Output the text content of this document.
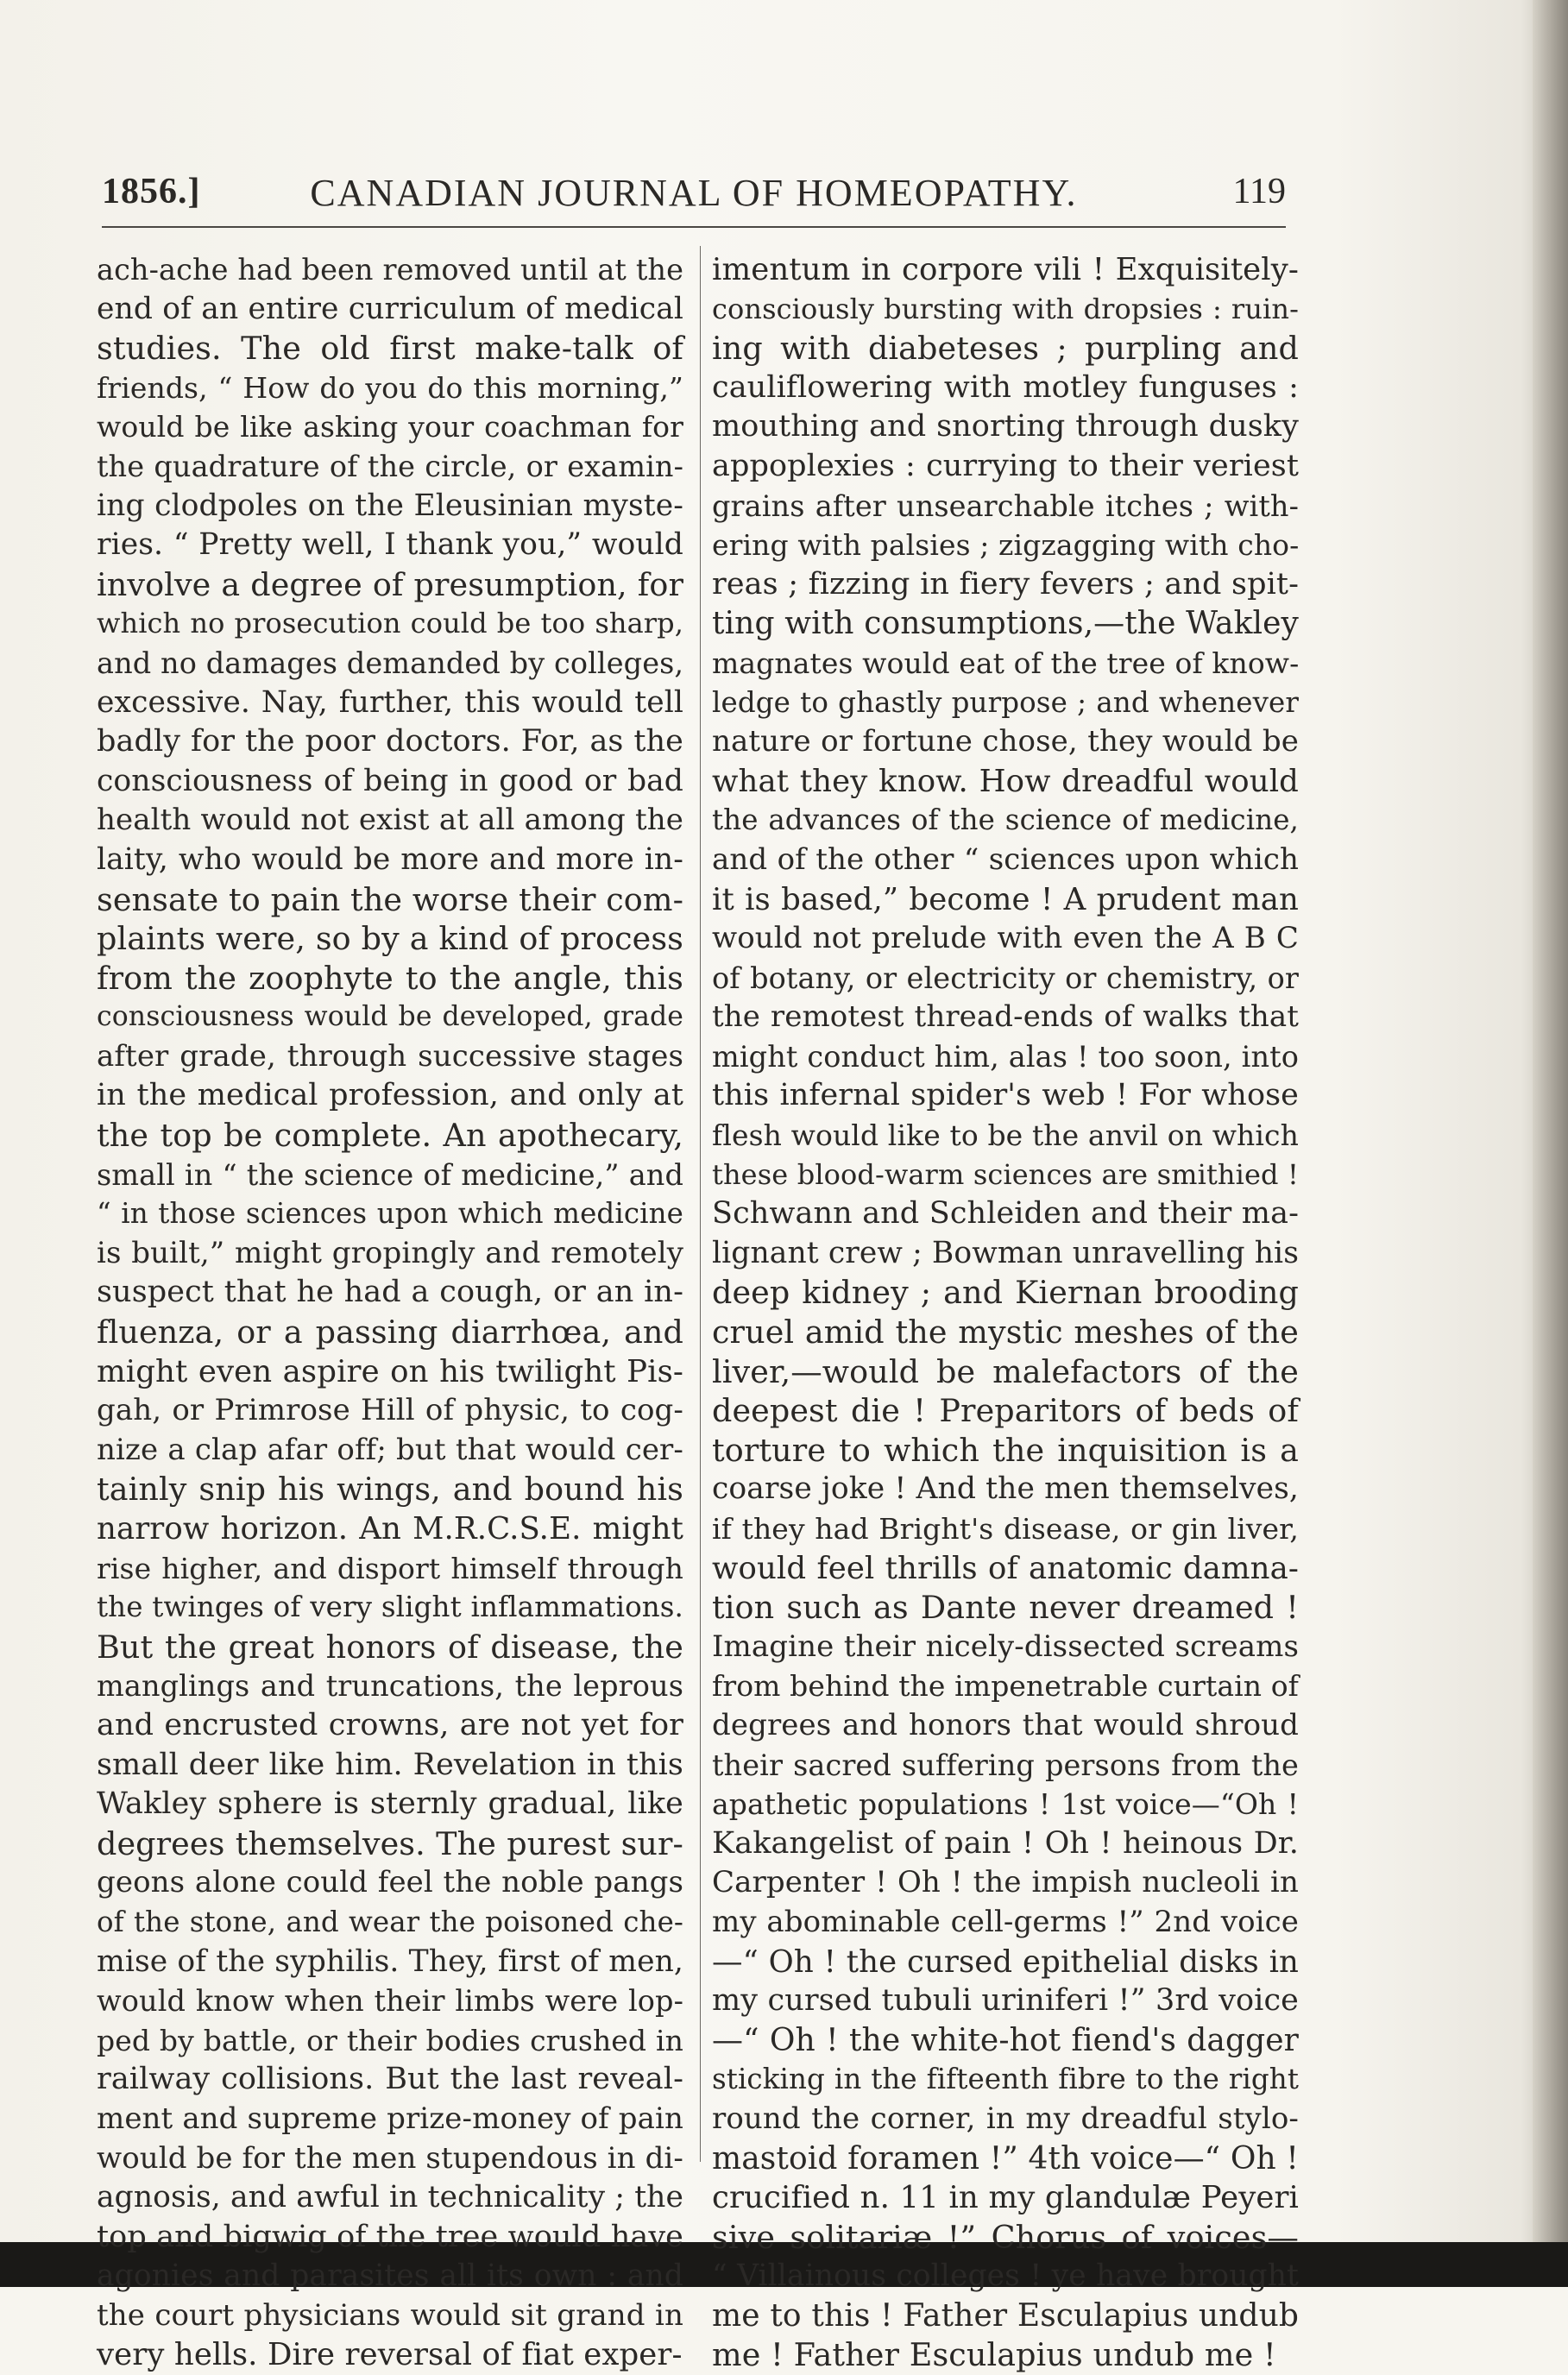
1856.]	CANADIAN JOURNAL OF HOMEOPATHY.	119
ach-ache had been removed until at the
end of an entire curriculum of medical
studies. The old first make-talk of
friends, “ How do you do this morning,”
would be like asking your coachman for
the quadrature of the circle, or examin-
ing clodpoles on the Eleusinian myste-
ries. “ Pretty well, I thank you,” would
involve a degree of presumption, for
which no prosecution could be too sharp,
and no damages demanded by colleges,
excessive. Nay, further, this would tell
badly for the poor doctors. For, as the
consciousness of being in good or bad
health would not exist at all among the
laity, who would be more and more in-
sensate to pain the worse their com-
plaints were, so by a kind of process
from the zoophyte to the angle, this
consciousness would be developed, grade
after grade, through successive stages
in the medical profession, and only at
the top be complete. An apothecary,
small in “ the science of medicine,” and
“ in those sciences upon which medicine
is built,” might gropingly and remotely
suspect that he had a cough, or an in-
fluenza, or a passing diarrhœa, and
might even aspire on his twilight Pis-
gah, or Primrose Hill of physic, to cog-
nize a clap afar off; but that would cer-
tainly snip his wings, and bound his
narrow horizon. An M.R.C.S.E. might
rise higher, and disport himself through
the twinges of very slight inflammations.
But the great honors of disease, the
manglings and truncations, the leprous
and encrusted crowns, are not yet for
small deer like him. Revelation in this
Wakley sphere is sternly gradual, like
degrees themselves. The purest sur-
geons alone could feel the noble pangs
of the stone, and wear the poisoned che-
mise of the syphilis. They, first of men,
would know when their limbs were lop-
ped by battle, or their bodies crushed in
railway collisions. But the last reveal-
ment and supreme prize-money of pain
would be for the men stupendous in di-
agnosis, and awful in technicality ; the
top and bigwig of the tree would have
agonies and parasites all its own : and
the court physicians would sit grand in
very hells. Dire reversal of fiat exper-
imentum in corpore vili ! Exquisitely-
consciously bursting with dropsies : ruin-
ing with diabeteses ; purpling and
cauliflowering with motley funguses :
mouthing and snorting through dusky
appoplexies : currying to their veriest
grains after unsearchable itches ; with-
ering with palsies ; zigzagging with cho-
reas ; fizzing in fiery fevers ; and spit-
ting with consumptions,—the Wakley
magnates would eat of the tree of know-
ledge to ghastly purpose ; and whenever
nature or fortune chose, they would be
what they know. How dreadful would
the advances of the science of medicine,
and of the other “ sciences upon which
it is based,” become ! A prudent man
would not prelude with even the A B C
of botany, or electricity or chemistry, or
the remotest thread-ends of walks that
might conduct him, alas ! too soon, into
this infernal spider's web ! For whose
flesh would like to be the anvil on which
these blood-warm sciences are smithied !
Schwann and Schleiden and their ma-
lignant crew ; Bowman unravelling his
deep kidney ; and Kiernan brooding
cruel amid the mystic meshes of the
liver,—would be malefactors of the
deepest die ! Preparitors of beds of
torture to which the inquisition is a
coarse joke ! And the men themselves,
if they had Bright's disease, or gin liver,
would feel thrills of anatomic damna-
tion such as Dante never dreamed !
Imagine their nicely-dissected screams
from behind the impenetrable curtain of
degrees and honors that would shroud
their sacred suffering persons from the
apathetic populations ! 1st voice—“Oh !
Kakangelist of pain ! Oh ! heinous Dr.
Carpenter ! Oh ! the impish nucleoli in
my abominable cell-germs !” 2nd voice
—“ Oh ! the cursed epithelial disks in
my cursed tubuli uriniferi !” 3rd voice
—“ Oh ! the white-hot fiend's dagger
sticking in the fifteenth fibre to the right
round the corner, in my dreadful stylo-
mastoid foramen !” 4th voice—“ Oh !
crucified n. 11 in my glandulæ Peyeri
sive solitariæ !” Chorus of voices—
“ Villainous colleges ! ye have brought
me to this ! Father Esculapius undub
me ! Father Esculapius undub me !
